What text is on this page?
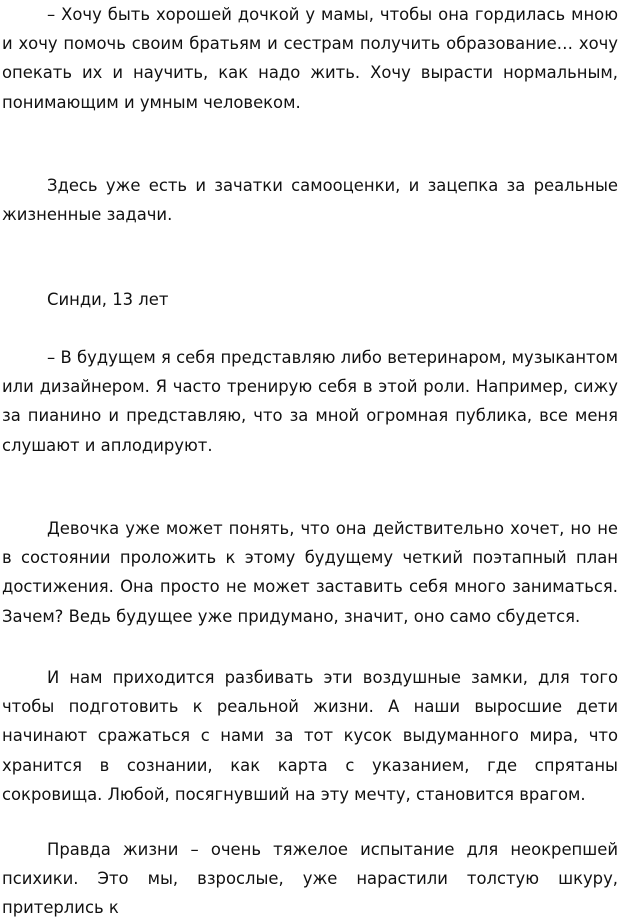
– Хочу быть хорошей дочкой у мамы, чтобы она гордилась мною и хочу помочь своим братьям и сестрам получить образование… хочу опекать их и научить, как надо жить. Хочу вырасти нормальным, понимающим и умным человеком.

Здесь уже есть и зачатки самооценки, и зацепка за реальные жизненные задачи.

Синди, 13 лет

– В будущем я себя представляю либо ветеринаром, музыкантом или дизайнером. Я часто тренирую себя в этой роли. Например, сижу за пианино и представляю, что за мной огромная публика, все меня слушают и аплодируют.

Девочка уже может понять, что она действительно хочет, но не в состоянии проложить к этому будущему четкий поэтапный план достижения. Она просто не может заставить себя много заниматься. Зачем? Ведь будущее уже придумано, значит, оно само сбудется.

И нам приходится разбивать эти воздушные замки, для того чтобы подготовить к реальной жизни. А наши выросшие дети начинают сражаться с нами за тот кусок выдуманного мира, что хранится в сознании, как карта с указанием, где спрятаны сокровища. Любой, посягнувший на эту мечту, становится врагом.

Правда жизни – очень тяжелое испытание для неокрепшей психики. Это мы, взрослые, уже нарастили толстую шкуру, притерлись к
